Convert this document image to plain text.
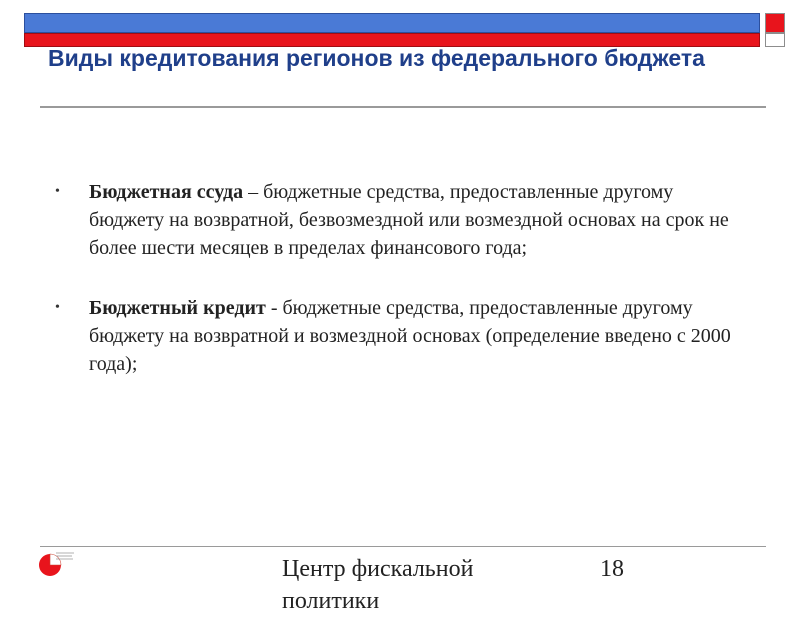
Виды кредитования регионов из федерального бюджета
• Бюджетная ссуда – бюджетные средства, предоставленные другому бюджету на возвратной, безвозмездной или возмездной основах на срок не более шести месяцев в пределах финансового года;
• Бюджетный кредит - бюджетные средства, предоставленные другому бюджету на возвратной и возмездной основах (определение введено с 2000 года);
Центр фискальной политики
18
